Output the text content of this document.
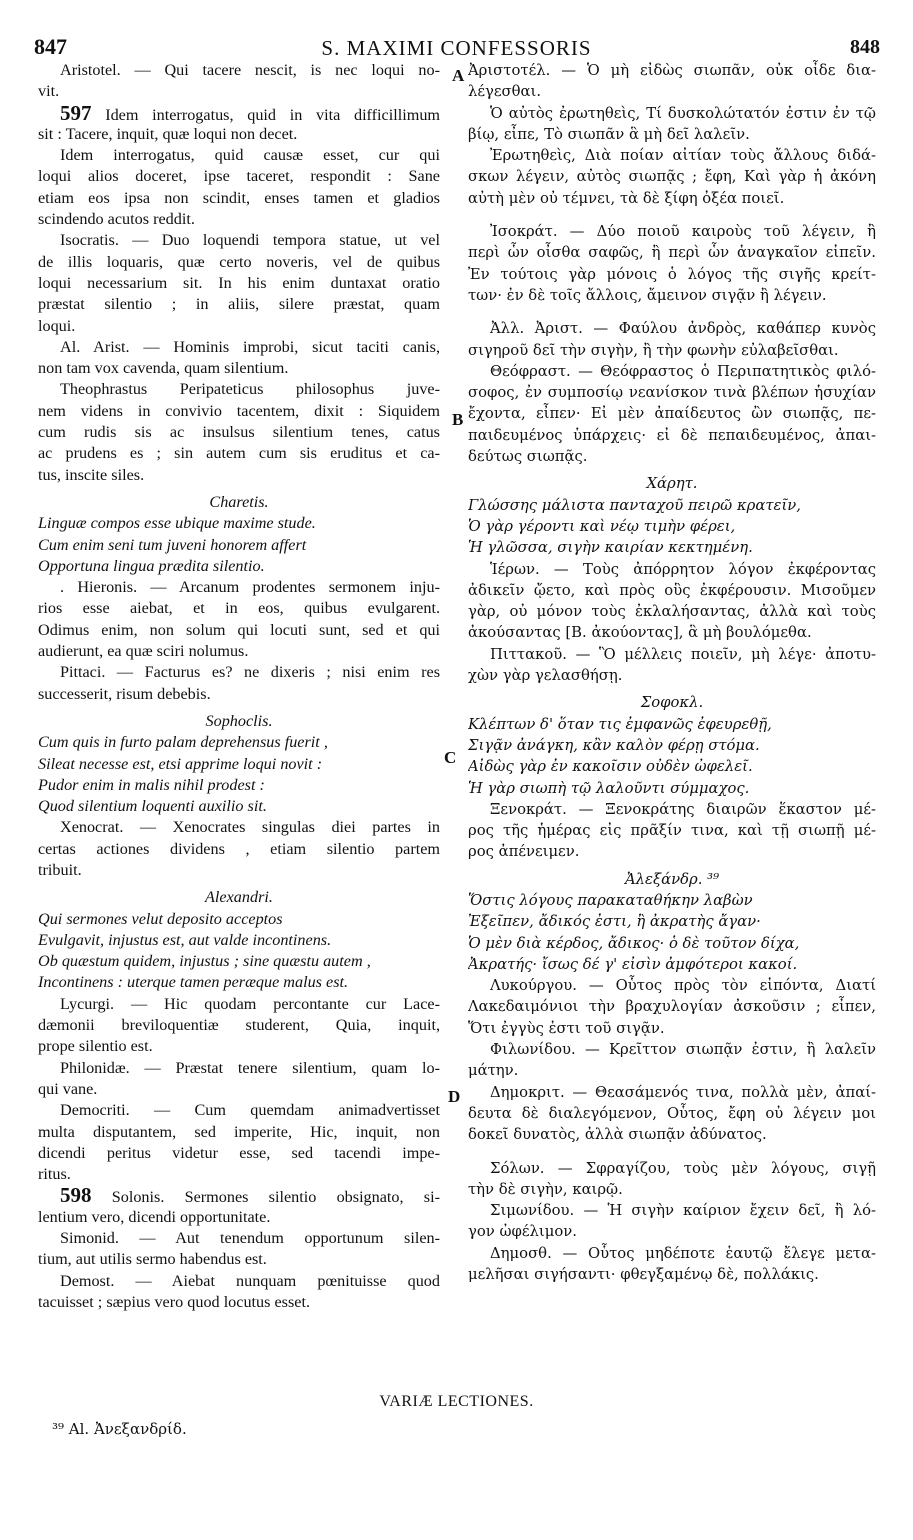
847	S. MAXIMI CONFESSORIS	848
A
B
C
D
Aristotel. — Qui tacere nescit, is nec loqui no-
vit.
597 Idem interrogatus, quid in vita difficillimum
sit : Tacere, inquit, quæ loqui non decet.
Idem interrogatus, quid causæ esset, cur qui
loqui alios doceret, ipse taceret, respondit : Sane
etiam eos ipsa non scindit, enses tamen et gladios
scindendo acutos reddit.
Isocratis. — Duo loquendi tempora statue, ut vel
de illis loquaris, quæ certo noveris, vel de quibus
loqui necessarium sit. In his enim duntaxat oratio
præstat silentio ; in aliis, silere præstat, quam
loqui.
Al. Arist. — Hominis improbi, sicut taciti canis,
non tam vox cavenda, quam silentium.
Theophrastus Peripateticus philosophus juve-
nem videns in convivio tacentem, dixit : Siquidem
cum rudis sis ac insulsus silentium tenes, catus
ac prudens es ; sin autem cum sis eruditus et ca-
tus, inscite siles.
Charetis.
Linguæ compos esse ubique maxime stude.
Cum enim seni tum juveni honorem affert
Opportuna lingua prædita silentio.
. Hieronis. — Arcanum prodentes sermonem inju-
rios esse aiebat, et in eos, quibus evulgarent.
Odimus enim, non solum qui locuti sunt, sed et qui
audierunt, ea quæ sciri nolumus.
Pittaci. — Facturus es? ne dixeris ; nisi enim res
successerit, risum debebis.
Sophoclis.
Cum quis in furto palam deprehensus fuerit ,
Sileat necesse est, etsi apprime loqui novit :
Pudor enim in malis nihil prodest :
Quod silentium loquenti auxilio sit.
Xenocrat. — Xenocrates singulas diei partes in
certas actiones dividens , etiam silentio partem
tribuit.
Alexandri.
Qui sermones velut deposito acceptos
Evulgavit, injustus est, aut valde incontinens.
Ob quæstum quidem, injustus ; sine quæstu autem ,
Incontinens : uterque tamen peræque malus est.
Lycurgi. — Hic quodam percontante cur Lace-
dæmonii breviloquentiæ studerent, Quia, inquit,
prope silentio est.
Philonidæ. — Præstat tenere silentium, quam lo-
qui vane.
Democriti. — Cum quemdam animadvertisset
multa disputantem, sed imperite, Hic, inquit, non
dicendi peritus videtur esse, sed tacendi impe-
ritus.
598 Solonis. Sermones silentio obsignato, si-
lentium vero, dicendi opportunitate.
Simonid. — Aut tenendum opportunum silen-
tium, aut utilis sermo habendus est.
Demost. — Aiebat nunquam pœnituisse quod
tacuisset ; sæpius vero quod locutus esset.
Ἀριστοτέλ. — Ὁ μὴ εἰδὼς σιωπᾶν, οὐκ οἶδε δια-
λέγεσθαι.
Ὁ αὐτὸς ἐρωτηθεὶς, Τί δυσκολώτατόν ἐστιν ἐν τῷ
βίῳ, εἶπε, Τὸ σιωπᾶν ἃ μὴ δεῖ λαλεῖν.
Ἐρωτηθεὶς, Διὰ ποίαν αἰτίαν τοὺς ἄλλους διδά-
σκων λέγειν, αὐτὸς σιωπᾷς ; ἔφη, Καὶ γὰρ ἡ ἀκόνη
αὐτὴ μὲν οὐ τέμνει, τὰ δὲ ξίφη ὀξέα ποιεῖ.
Ἰσοκράτ. — Δύο ποιοῦ καιροὺς τοῦ λέγειν, ἢ
περὶ ὧν οἶσθα σαφῶς, ἢ περὶ ὧν ἀναγκαῖον εἰπεῖν.
Ἐν τούτοις γὰρ μόνοις ὁ λόγος τῆς σιγῆς κρείτ-
των· ἐν δὲ τοῖς ἄλλοις, ἄμεινον σιγᾷν ἢ λέγειν.
Ἀλλ. Ἀριστ. — Φαύλου ἀνδρὸς, καθάπερ κυνὸς
σιγηροῦ δεῖ τὴν σιγὴν, ἢ τὴν φωνὴν εὐλαβεῖσθαι.
Θεόφραστ. — Θεόφραστος ὁ Περιπατητικὸς φιλό-
σοφος, ἐν συμποσίῳ νεανίσκον τινὰ βλέπων ἡσυχίαν
ἔχοντα, εἶπεν· Εἰ μὲν ἀπαίδευτος ὢν σιωπᾷς, πε-
παιδευμένος ὑπάρχεις· εἰ δὲ πεπαιδευμένος, ἀπαι-
δεύτως σιωπᾷς.
Χάρητ.
Γλώσσης μάλιστα πανταχοῦ πειρῶ κρατεῖν,
Ὁ γὰρ γέροντι καὶ νέῳ τιμὴν φέρει,
Ἡ γλῶσσα, σιγὴν καιρίαν κεκτημένη.
Ἱέρων. — Τοὺς ἀπόρρητον λόγον ἐκφέροντας
ἀδικεῖν ᾤετο, καὶ πρὸς οὓς ἐκφέρουσιν. Μισοῦμεν
γὰρ, οὐ μόνον τοὺς ἐκλαλήσαντας, ἀλλὰ καὶ τοὺς
ἀκούσαντας [B. ἀκούοντας], ἃ μὴ βουλόμεθα.
Πιττακοῦ. — Ὃ μέλλεις ποιεῖν, μὴ λέγε· ἀποτυ-
χὼν γὰρ γελασθήσῃ.
Σοφοκλ.
Κλέπτων δ' ὅταν τις ἐμφανῶς ἐφευρεθῇ,
Σιγᾷν ἀνάγκη, κἂν καλὸν φέρῃ στόμα.
Αἰδὼς γὰρ ἐν κακοῖσιν οὐδὲν ὠφελεῖ.
Ἡ γὰρ σιωπὴ τῷ λαλοῦντι σύμμαχος.
Ξενοκράτ. — Ξενοκράτης διαιρῶν ἕκαστον μέ-
ρος τῆς ἡμέρας εἰς πρᾶξίν τινα, καὶ τῇ σιωπῇ μέ-
ρος ἀπένειμεν.
Ἀλεξάνδρ. ³⁹
Ὅστις λόγους παρακαταθήκην λαβὼν
Ἐξεῖπεν, ἄδικός ἐστι, ἢ ἀκρατὴς ἄγαν·
Ὁ μὲν διὰ κέρδος, ἄδικος· ὁ δὲ τοῦτον δίχα,
Ἀκρατής· ἴσως δέ γ' εἰσὶν ἀμφότεροι κακοί.
Λυκούργου. — Οὗτος πρὸς τὸν εἰπόντα, Διατί
Λακεδαιμόνιοι τὴν βραχυλογίαν ἀσκοῦσιν ; εἶπεν,
Ὅτι ἐγγὺς ἐστι τοῦ σιγᾷν.
Φιλωνίδου. — Κρεῖττον σιωπᾷν ἐστιν, ἢ λαλεῖν
μάτην.
Δημοκριτ. — Θεασάμενός τινα, πολλὰ μὲν, ἀπαί-
δευτα δὲ διαλεγόμενον, Οὗτος, ἔφη οὐ λέγειν μοι
δοκεῖ δυνατὸς, ἀλλὰ σιωπᾷν ἀδύνατος.
Σόλων. — Σφραγίζου, τοὺς μὲν λόγους, σιγῇ
τὴν δὲ σιγὴν, καιρῷ.
Σιμωνίδου. — Ἡ σιγὴν καίριον ἔχειν δεῖ, ἢ λό-
γον ὠφέλιμον.
Δημοσθ. — Οὗτος μηδέποτε ἑαυτῷ ἔλεγε μετα-
μελῆσαι σιγήσαντι· φθεγξαμένῳ δὲ, πολλάκις.
VARIÆ LECTIONES.
³⁹ Al. Ἀνεξανδρίδ.
